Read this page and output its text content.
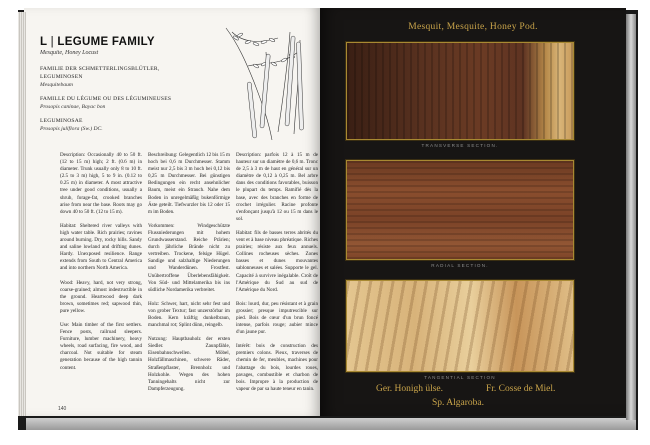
L | LEGUME FAMILY
Mesquite, Honey Locust
FAMILIE DER SCHMETTERLINGSBLÜTLER,
LEGUMINOSEN
Mesquitebaum
FAMILLE DU LÉGUME OU DES LÉGUMINEUSES
Prosopis caninae, Bayac bon
LEGUMINOSAE
Prosopis juliflora (Sw.) DC.

Description: Occasionally 40 to 50 ft. (12 to 15 m) high; 2 ft. (0.6 m) in diameter. Trunk usually only 8 to 10 ft. (2.5 to 3 m) high, 5 to 9 in. (0.12 to 0.25 m) in diameter. A most attractive tree under good conditions, usually a shrub, forage-fat, crooked branches arise from near the base. Roots may go down 40 to 50 ft. (12 to 15 m).

Habitat: Sheltered river valleys with high water table. Rich prairies; ravines around burning. Dry, rocky hills. Sandy and saline lowland and drifting dunes. Hardy. Unexposed resilience. Range extends from South to Central America and into northern North America.

Wood: Heavy, hard, not very strong, coarse-grained; almost indestructible in the ground. Heartwood deep dark brown, sometimes red; sapwood thin, pure yellow.

Use: Main timber of the first settlers. Fence posts, railroad sleepers. Furniture, lumber machinery, heavy wheels, road surfacing, fire wood, and charcoal. Not suitable for steam generation because of the high tannin content.

Beschreibung: Gelegentlich 12 bis 15 m hoch bei 0,6 m Durchmesser. Stamm meist nur 2,5 bis 3 m hoch bei 0,12 bis 0,25 m Durchmesser. Bei günstigen Bedingungen ein recht ansehnlicher Baum, meist ein Strauch. Nahe dem Boden in unregelmäßig bukenförmige Äste geteilt. Tiefwurzler bis 12 oder 15 m im Boden.

Vorkommen: Windgeschützte Flussniederungen mit hohem Grundwasserstand. Reiche Prärien; durch jährliche Brände nicht zu vertreiben. Trockene, felsige Hügel. Sandige und salzhaltige Niederungen und Wanderdünen. Frostfest. Unübertroffene Überlebensfähigkeit. Von Süd- und Mittelamerika bis ins südliche Nordamerika verbreitet.

Holz: Schwer, hart, nicht sehr fest und von grober Textur; fast unzerstörbar im Boden. Kern kräftig dunkelbraun, manchmal rot; Splint dünn, reingelb.

Nutzung: Hauptbauholz der ersten Siedler. Zaunpfähle, Eisenbahnschwellen. Möbel, Holzfällmaschinen, schwere Räder, Straßenpflaster, Brennholz und Holzkohle. Wegen des hohen Tanningehalts nicht zur Dampferzeugung.

Description: parfois 12 à 15 m de hauteur sur un diamètre de 0,6 m. Tronc de 2,5 à 3 m de haut en général sur un diamètre de 0,12 à 0,25 m. Bel arbre dans des conditions favorables, buisson le plupart du temps. Ramifié dès la base, avec des branches en forme de crochet irrégulier. Racine profonte s'enfonçant jusqu'à 12 ou 15 m dans le sol.

Habitat: fils de basses terres abrités du vent et à base niveau phréatique. Riches prairies; résiste aux feux annuels. Collines rocheuses sèches. Zones basses et dunes mouvantes sablonneuses et salées. Supporte le gel. Capacité à survivre inégalable. Croît de l'Amérique du Sud au sud de l'Amérique du Nord.

Bois: lourd, dur, peu résistant et à grain grossier; presque imputrescible sur pied. Bois de cœur d'un brun foncé intense, parfois rouge; aubier mince d'un jaune pur.

Intérêt: bois de construction des premiers colons. Pieux, traverses de chemin de fer, meubles, machines pour l'abattage du bois, lourdes roues, pavages, combustible et charbon de bois. Impropre à la production de vapeur de par sa haute teneur en tanin.

140
Mesquit, Mesquite, Honey Pod.
TRANSVERSE SECTION.
RADIAL SECTION.
TANGENTIAL SECTION
Ger. Honigh ülse.	Fr. Cosse de Miel.
Sp. Algaroba.
